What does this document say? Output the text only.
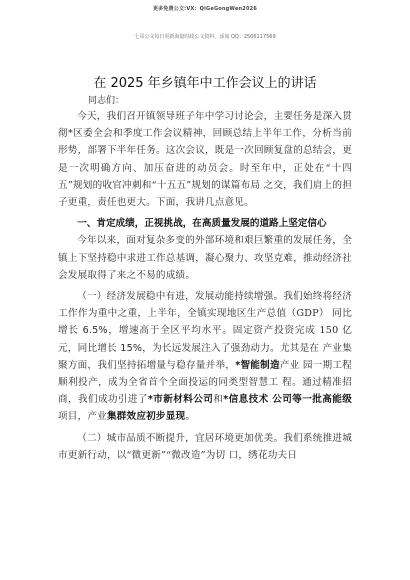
更多免费公文:VX：QiGeGongWen2026
七哥公文每日更新海量时政公文资料，添加 QQ：2506117569
在 2025 年乡镇年中工作会议上的讲话
同志们：

今天，我们召开镇领导班子年中学习讨论会，主要任务是深入贯彻*区委全会和季度工作会议精神，回顾总结上半年工作，分析当前形势，部署下半年任务。这次会议，既是一次回顾复盘的总结会，更是一次明确方向、加压奋进的动员会。时至年中，正处在“十四五”规划的收官冲刺和“十五五”规划的谋篇布局 之交，我们肩上的担子更重，责任也更大。下面，我讲几点意见。

一、肯定成绩，正视挑战，在高质量发展的道路上坚定信心

今年以来，面对复杂多变的外部环境和艰巨繁重的发展任务，全镇上下坚持稳中求进工作总基调，凝心聚力、攻坚克难，推动经济社会发展取得了来之不易的成绩。

（一）经济发展稳中有进，发展动能持续增强。我们始终将经济工作作为重中之重，上半年，全镇实现地区生产总值（GDP） 同比增长 6.5%，增速高于全区平均水平。固定资产投资完成 150 亿元，同比增长 15%，为长远发展注入了强劲动力。尤其是在 产业集聚方面，我们坚持拓增量与稳存量并举，*智能制造产业 园一期工程顺利投产，成为全省首个全面投运的同类型智慧工 程。通过精准招商，我们成功引进了*市新材料公司和*信息技术 公司等一批高能级项目，产业集群效应初步显现。

（二）城市品质不断提升，宜居环境更加优美。我们系统推进城市更新行动，以“微更新”“微改造”为切 口，绣花功夫日
